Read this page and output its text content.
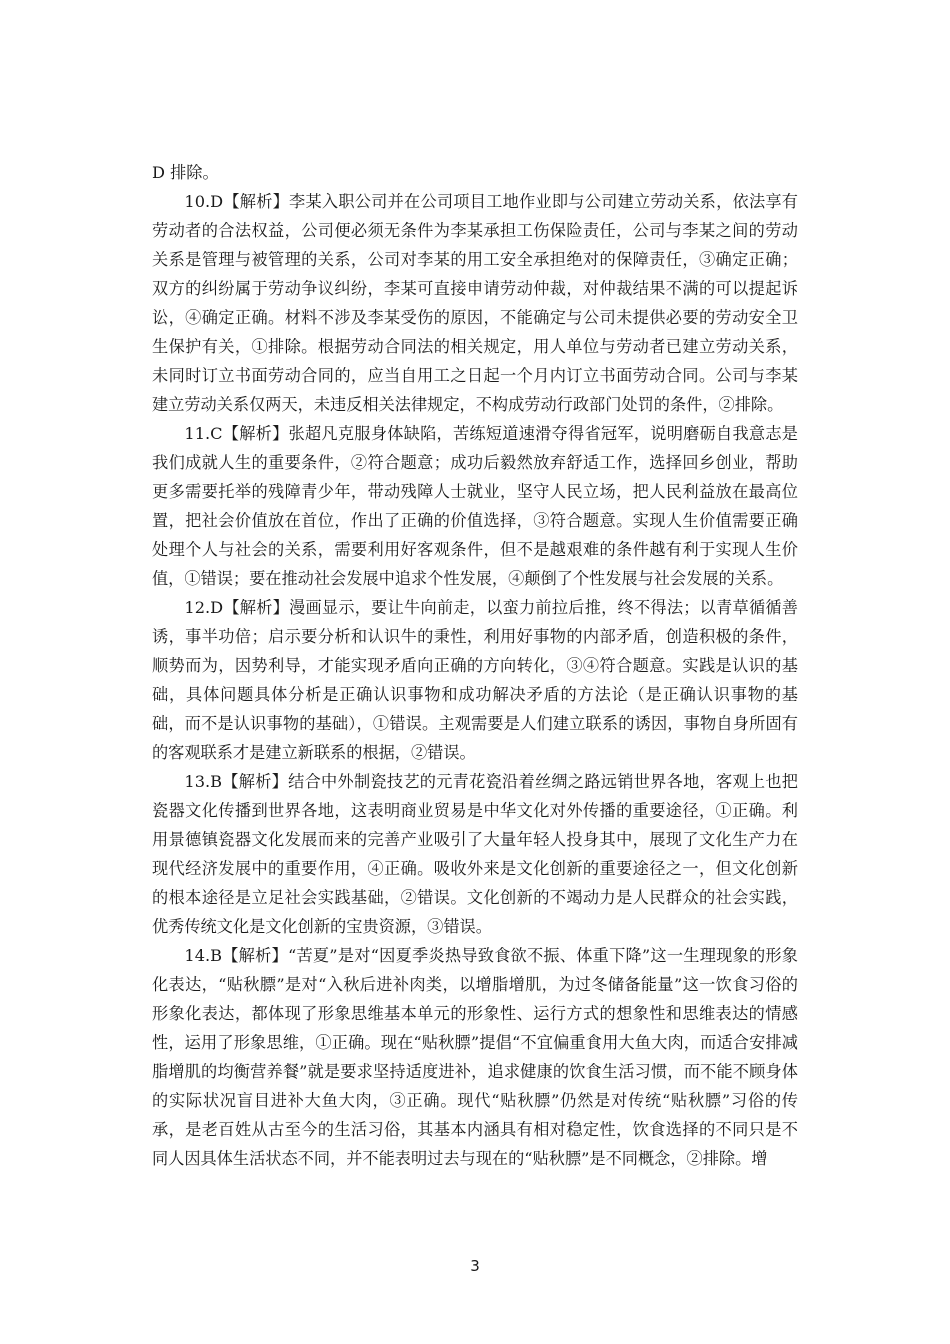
D 排除。

10.D【解析】李某入职公司并在公司项目工地作业即与公司建立劳动关系，依法享有劳动者的合法权益，公司便必须无条件为李某承担工伤保险责任，公司与李某之间的劳动关系是管理与被管理的关系，公司对李某的用工安全承担绝对的保障责任，③确定正确；双方的纠纷属于劳动争议纠纷，李某可直接申请劳动仲裁，对仲裁结果不满的可以提起诉讼，④确定正确。材料不涉及李某受伤的原因，不能确定与公司未提供必要的劳动安全卫生保护有关，①排除。根据劳动合同法的相关规定，用人单位与劳动者已建立劳动关系，未同时订立书面劳动合同的，应当自用工之日起一个月内订立书面劳动合同。公司与李某建立劳动关系仅两天，未违反相关法律规定，不构成劳动行政部门处罚的条件，②排除。

11.C【解析】张超凡克服身体缺陷，苦练短道速滑夺得省冠军，说明磨砺自我意志是我们成就人生的重要条件，②符合题意；成功后毅然放弃舒适工作，选择回乡创业，帮助更多需要托举的残障青少年，带动残障人士就业，坚守人民立场，把人民利益放在最高位置，把社会价值放在首位，作出了正确的价值选择，③符合题意。实现人生价值需要正确处理个人与社会的关系，需要利用好客观条件，但不是越艰难的条件越有利于实现人生价值，①错误；要在推动社会发展中追求个性发展，④颠倒了个性发展与社会发展的关系。

12.D【解析】漫画显示，要让牛向前走，以蛮力前拉后推，终不得法；以青草循循善诱，事半功倍；启示要分析和认识牛的秉性，利用好事物的内部矛盾，创造积极的条件，顺势而为，因势利导，才能实现矛盾向正确的方向转化，③④符合题意。实践是认识的基础，具体问题具体分析是正确认识事物和成功解决矛盾的方法论（是正确认识事物的基础，而不是认识事物的基础），①错误。主观需要是人们建立联系的诱因，事物自身所固有的客观联系才是建立新联系的根据，②错误。

13.B【解析】结合中外制瓷技艺的元青花瓷沿着丝绸之路远销世界各地，客观上也把瓷器文化传播到世界各地，这表明商业贸易是中华文化对外传播的重要途径，①正确。利用景德镇瓷器文化发展而来的完善产业吸引了大量年轻人投身其中，展现了文化生产力在现代经济发展中的重要作用，④正确。吸收外来是文化创新的重要途径之一，但文化创新的根本途径是立足社会实践基础，②错误。文化创新的不竭动力是人民群众的社会实践，优秀传统文化是文化创新的宝贵资源，③错误。

14.B【解析】“苦夏”是对“因夏季炎热导致食欲不振、体重下降”这一生理现象的形象化表达，“贴秋膘”是对“入秋后进补肉类，以增脂增肌，为过冬储备能量”这一饮食习俗的形象化表达，都体现了形象思维基本单元的形象性、运行方式的想象性和思维表达的情感性，运用了形象思维，①正确。现在“贴秋膘”提倡“不宜偏重食用大鱼大肉，而适合安排减脂增肌的均衡营养餐”就是要求坚持适度进补，追求健康的饮食生活习惯，而不能不顾身体的实际状况盲目进补大鱼大肉，③正确。现代“贴秋膘”仍然是对传统“贴秋膘”习俗的传承，是老百姓从古至今的生活习俗，其基本内涵具有相对稳定性，饮食选择的不同只是不同人因具体生活状态不同，并不能表明过去与现在的“贴秋膘”是不同概念，②排除。增

3
